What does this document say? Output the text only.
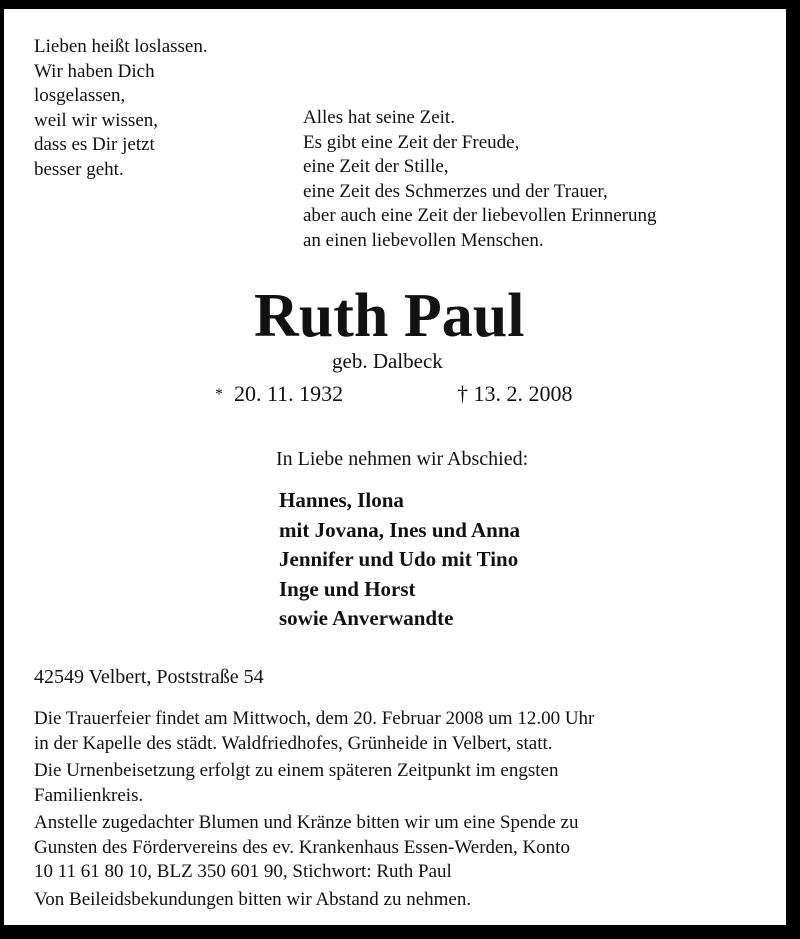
Lieben heißt loslassen.
Wir haben Dich
losgelassen,
weil wir wissen,
dass es Dir jetzt
besser geht.
Alles hat seine Zeit.
Es gibt eine Zeit der Freude,
eine Zeit der Stille,
eine Zeit des Schmerzes und der Trauer,
aber auch eine Zeit der liebevollen Erinnerung
an einen liebevollen Menschen.
Ruth Paul
geb. Dalbeck
* 20. 11. 1932	† 13. 2. 2008
In Liebe nehmen wir Abschied:
Hannes, Ilona
mit Jovana, Ines und Anna
Jennifer und Udo mit Tino
Inge und Horst
sowie Anverwandte
42549 Velbert, Poststraße 54
Die Trauerfeier findet am Mittwoch, dem 20. Februar 2008 um 12.00 Uhr
in der Kapelle des städt. Waldfriedhofes, Grünheide in Velbert, statt.
Die Urnenbeisetzung erfolgt zu einem späteren Zeitpunkt im engsten
Familienkreis.
Anstelle zugedachter Blumen und Kränze bitten wir um eine Spende zu
Gunsten des Fördervereins des ev. Krankenhaus Essen-Werden, Konto
10 11 61 80 10, BLZ 350 601 90, Stichwort: Ruth Paul
Von Beileidsbekundungen bitten wir Abstand zu nehmen.
